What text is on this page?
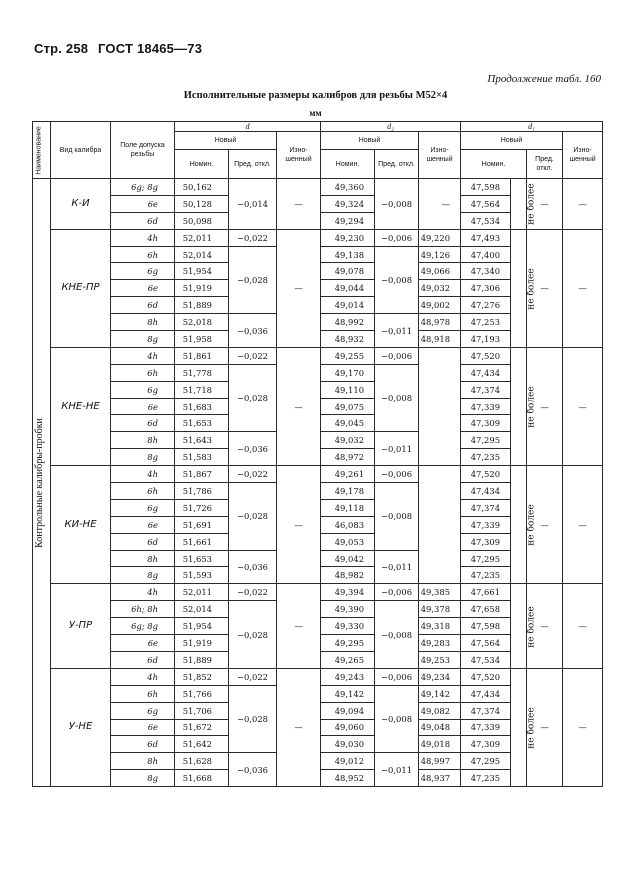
Стр. 258 ГОСТ 18465—73
Продолжение табл. 160
Исполнительные размеры калибров для резьбы М52×4
мм
Наименование	Вид калибра	Поле допуска резьбы	d			d₂			d₁			
			Новый		Изно- шенный	Новый		Изно- шенный	Новый			Изно- шенный
			Номин.	Пред. откл.		Номин.	Пред. откл.		Номин.		Пред. откл.	

Контрольные калибры-пробки	К-И	6g; 8g	50,162	−0,014	—	49,360	−0,008	—	47,598	не более	—	—
		6e	50,128			49,324			47,564			
		6d	50,098			49,294			47,534			
	КНЕ-ПР	4h	52,011	−0,022	—	49,230	−0,006	49,220	47,493	не более	—	—
		6h	52,014	−0,028		49,138	−0,008	49,126	47,400			
		6g	51,954			49,078		49,066	47,340			
		6e	51,919			49,044		49,032	47,306			
		6d	51,889			49,014		49,002	47,276			
		8h	52,018	−0,036		48,992	−0,011	48,978	47,253			
		8g	51,958			48,932		48,918	47,193			
	КНЕ-НЕ	4h	51,861	−0,022	—	49,255	−0,006		47,520	не более	—	—
		6h	51,778	−0,028		49,170	−0,008		47,434			
		6g	51,718			49,110			47,374			
		6e	51,683			49,075			47,339			
		6d	51,653			49,045			47,309			
		8h	51,643	−0,036		49,032	−0,011		47,295			
		8g	51,583			48,972			47,235			
	КИ-НЕ	4h	51,867	−0,022	—	49,261	−0,006		47,520	не более	—	—
		6h	51,786	−0,028		49,178	−0,008		47,434			
		6g	51,726			49,118			47,374			
		6e	51,691			46,083			47,339			
		6d	51,661			49,053			47,309			
		8h	51,653	−0,036		49,042	−0,011		47,295			
		8g	51,593			48,982			47,235			
	У-ПР	4h	52,011	−0,022	—	49,394	−0,006	49,385	47,661	не более	—	—
		6h; 8h	52,014	−0,028		49,390	−0,008	49,378	47,658			
		6g; 8g	51,954			49,330		49,318	47,598			
		6e	51,919			49,295		49,283	47,564			
		6d	51,889			49,265		49,253	47,534			
	У-НЕ	4h	51,852	−0,022	—	49,243	−0,006	49,234	47,520	не более	—	—
		6h	51,766	−0,028		49,142	−0,008	49,142	47,434			
		6g	51,706			49,094		49,082	47,374			
		6e	51,672			49,060		49,048	47,339			
		6d	51,642			49,030		49,018	47,309			
		8h	51,628	−0,036		49,012	−0,011	48,997	47,295			
		8g	51,668			48,952		48,937	47,235			
